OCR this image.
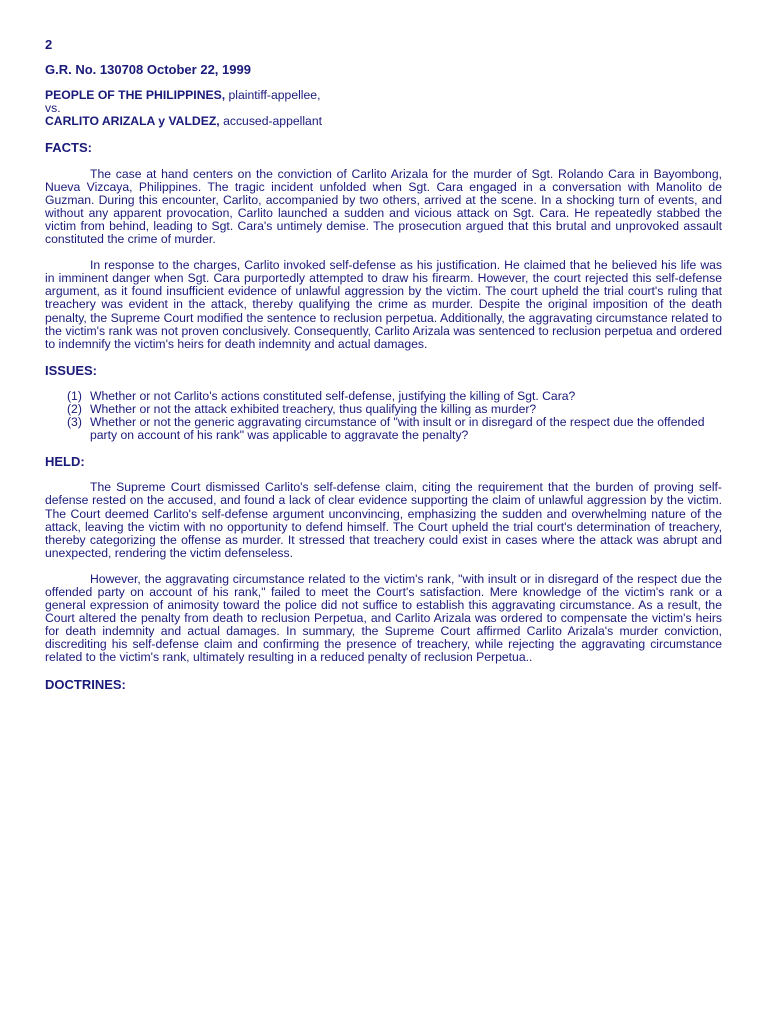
2
G.R. No. 130708 October 22, 1999
PEOPLE OF THE PHILIPPINES, plaintiff-appellee,
vs.
CARLITO ARIZALA y VALDEZ, accused-appellant
FACTS:

The case at hand centers on the conviction of Carlito Arizala for the murder of Sgt. Rolando Cara in Bayombong, Nueva Vizcaya, Philippines. The tragic incident unfolded when Sgt. Cara engaged in a conversation with Manolito de Guzman. During this encounter, Carlito, accompanied by two others, arrived at the scene. In a shocking turn of events, and without any apparent provocation, Carlito launched a sudden and vicious attack on Sgt. Cara. He repeatedly stabbed the victim from behind, leading to Sgt. Cara's untimely demise. The prosecution argued that this brutal and unprovoked assault constituted the crime of murder.

In response to the charges, Carlito invoked self-defense as his justification. He claimed that he believed his life was in imminent danger when Sgt. Cara purportedly attempted to draw his firearm. However, the court rejected this self-defense argument, as it found insufficient evidence of unlawful aggression by the victim. The court upheld the trial court's ruling that treachery was evident in the attack, thereby qualifying the crime as murder. Despite the original imposition of the death penalty, the Supreme Court modified the sentence to reclusion perpetua. Additionally, the aggravating circumstance related to the victim's rank was not proven conclusively. Consequently, Carlito Arizala was sentenced to reclusion perpetua and ordered to indemnify the victim's heirs for death indemnity and actual damages.

ISSUES:
(1) Whether or not Carlito's actions constituted self-defense, justifying the killing of Sgt. Cara?
(2) Whether or not the attack exhibited treachery, thus qualifying the killing as murder?
(3) Whether or not the generic aggravating circumstance of "with insult or in disregard of the respect due the offended party on account of his rank" was applicable to aggravate the penalty?
HELD:

The Supreme Court dismissed Carlito's self-defense claim, citing the requirement that the burden of proving self-defense rested on the accused, and found a lack of clear evidence supporting the claim of unlawful aggression by the victim. The Court deemed Carlito's self-defense argument unconvincing, emphasizing the sudden and overwhelming nature of the attack, leaving the victim with no opportunity to defend himself. The Court upheld the trial court's determination of treachery, thereby categorizing the offense as murder. It stressed that treachery could exist in cases where the attack was abrupt and unexpected, rendering the victim defenseless.

However, the aggravating circumstance related to the victim's rank, "with insult or in disregard of the respect due the offended party on account of his rank," failed to meet the Court's satisfaction. Mere knowledge of the victim's rank or a general expression of animosity toward the police did not suffice to establish this aggravating circumstance. As a result, the Court altered the penalty from death to reclusion Perpetua, and Carlito Arizala was ordered to compensate the victim's heirs for death indemnity and actual damages. In summary, the Supreme Court affirmed Carlito Arizala's murder conviction, discrediting his self-defense claim and confirming the presence of treachery, while rejecting the aggravating circumstance related to the victim's rank, ultimately resulting in a reduced penalty of reclusion Perpetua..

DOCTRINES:
